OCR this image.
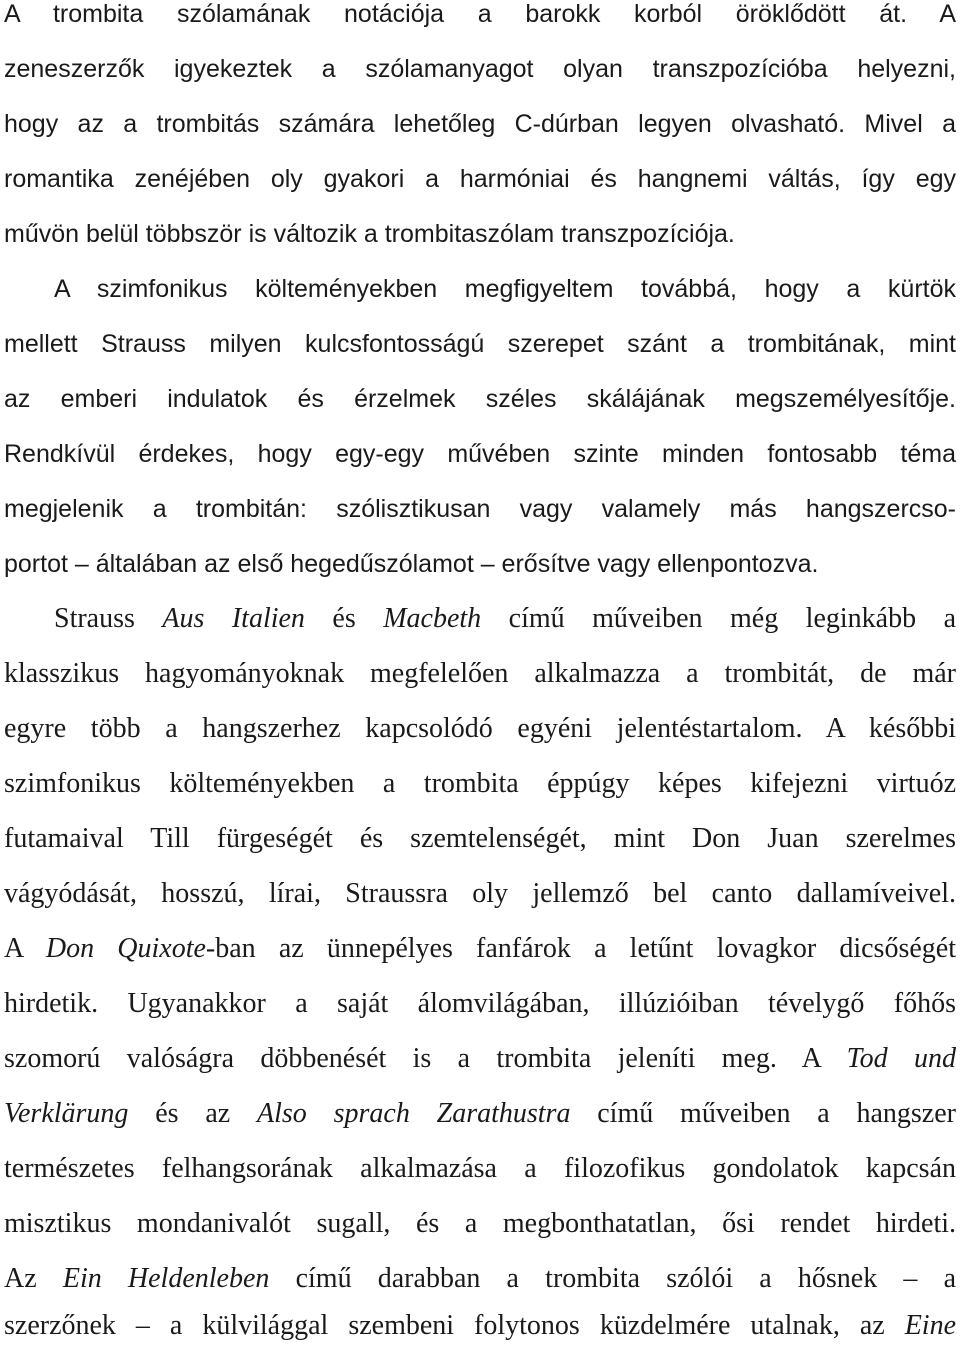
A trombita szólamának notációja a barokk korból öröklődött át. A
zeneszerzők igyekeztek a szólamanyagot olyan transzpozícióba helyezni,
hogy az a trombitás számára lehetőleg C-dúrban legyen olvasható. Mivel a
romantika zenéjében oly gyakori a harmóniai és hangnemi váltás, így egy
művön belül többször is változik a trombitaszólam transzpozíciója.
A szimfonikus költeményekben megfigyeltem továbbá, hogy a kürtök
mellett Strauss milyen kulcsfontosságú szerepet szánt a trombitának, mint
az emberi indulatok és érzelmek széles skálájának megszemélyesítője.
Rendkívül érdekes, hogy egy-egy művében szinte minden fontosabb téma
megjelenik a trombitán: szólisztikusan vagy valamely más hangszercso-
portot – általában az első hegedűszólamot – erősítve vagy ellenpontozva.
Strauss Aus Italien és Macbeth című műveiben még leginkább a
klasszikus hagyományoknak megfelelően alkalmazza a trombitát, de már
egyre több a hangszerhez kapcsolódó egyéni jelentéstartalom. A későbbi
szimfonikus költeményekben a trombita éppúgy képes kifejezni virtuóz
futamaival Till fürgeségét és szemtelenségét, mint Don Juan szerelmes
vágyódását, hosszú, lírai, Straussra oly jellemző bel canto dallamíveivel.
A Don Quixote-ban az ünnepélyes fanfárok a letűnt lovagkor dicsőségét
hirdetik. Ugyanakkor a saját álomvilágában, illúzióiban tévelygő főhős
szomorú valóságra döbbenését is a trombita jeleníti meg. A Tod und
Verklärung és az Also sprach Zarathustra című műveiben a hangszer
természetes felhangsorának alkalmazása a filozofikus gondolatok kapcsán
misztikus mondanivalót sugall, és a megbonthatatlan, ősi rendet hirdeti.
Az Ein Heldenleben című darabban a trombita szólói a hősnek – a
szerzőnek – a külvilággal szembeni folytonos küzdelmére utalnak, az Eine
